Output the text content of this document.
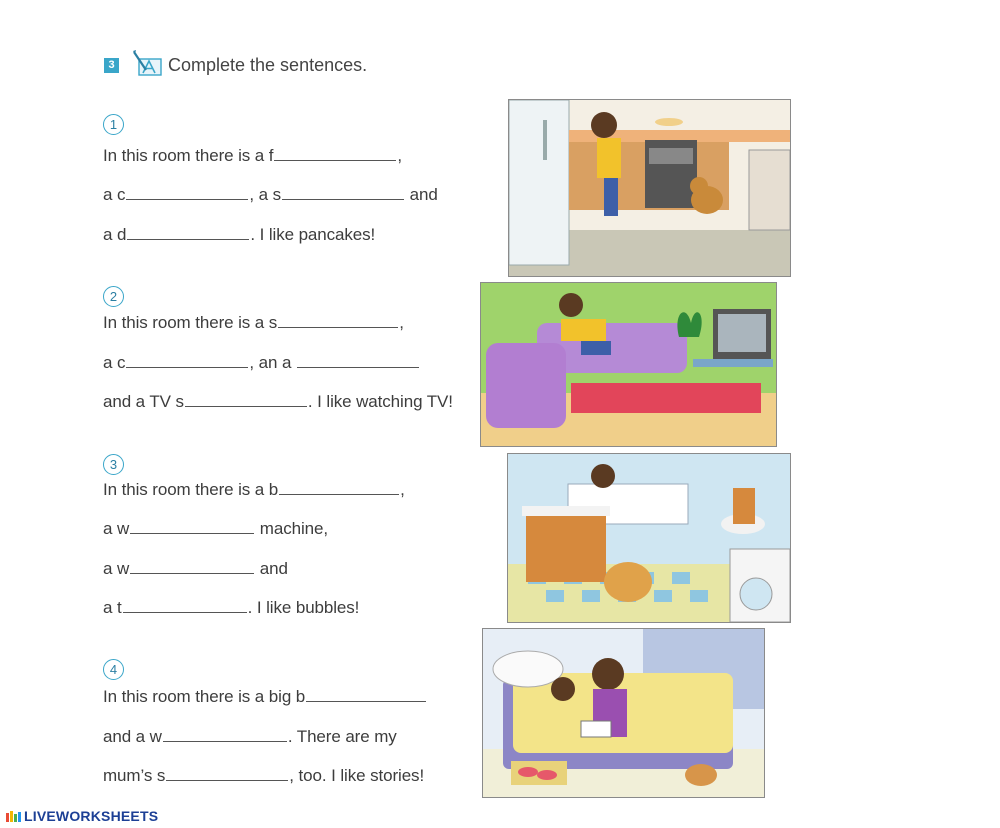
3	Complete the sentences.
1
In this room there is a f	,
a c	, a s	and
a d	. I like pancakes!
2
In this room there is a s	,
a c	, an a
and a TV s	. I like watching TV!
3
In this room there is a b	,
a w	machine,
a w	and
a t	. I like bubbles!
4
In this room there is a big b
and a w	. There are my
mum’s s	, too. I like stories!
LIVEWORKSHEETS
